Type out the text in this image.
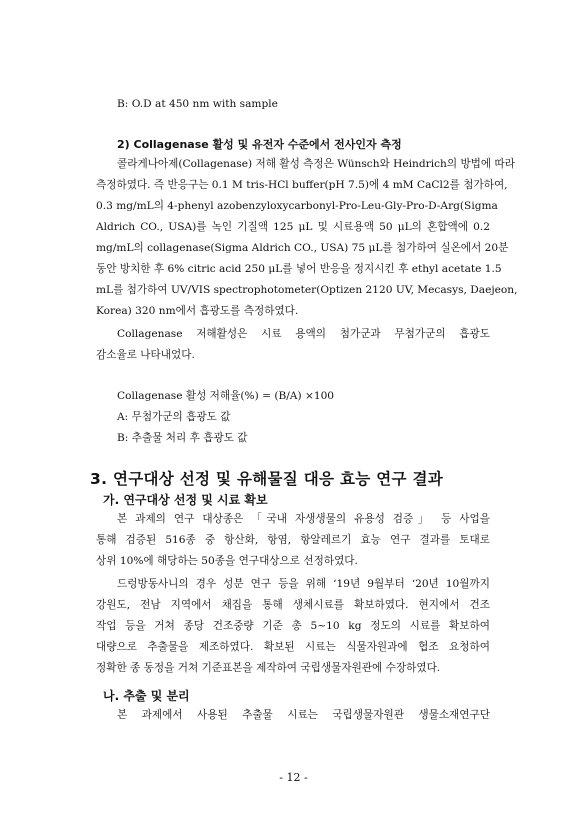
B: O.D at 450 nm with sample
2) Collagenase 활성 및 유전자 수준에서 전사인자 측정
콜라게나아제(Collagenase) 저해 활성 측정은 Wünsch와 Heindrich의 방법에 따라
측정하였다. 즉 반응구는 0.1 M tris-HCl buffer(pH 7.5)에 4 mM CaCl2를 첨가하여,
0.3 mg/mL의 4-phenyl azobenzyloxycarbonyl-Pro-Leu-Gly-Pro-D-Arg(Sigma
Aldrich CO., USA)를 녹인 기질액 125 μL 및 시료용액 50 μL의 혼합액에 0.2
mg/mL의 collagenase(Sigma Aldrich CO., USA) 75 μL를 첨가하여 실온에서 20분
동안 방치한 후 6% citric acid 250 μL를 넣어 반응을 정지시킨 후 ethyl acetate 1.5
mL를 첨가하여 UV/VIS spectrophotometer(Optizen 2120 UV, Mecasys, Daejeon,
Korea) 320 nm에서 흡광도를 측정하였다.
Collagenase 저해활성은 시료 용액의 첨가군과 무첨가군의 흡광도
감소율로 나타내었다.
Collagenase 활성 저해율(%) = (B/A) ×100
A: 무첨가군의 흡광도 값
B: 추출물 처리 후 흡광도 값
3. 연구대상 선정 및 유해물질 대응 효능 연구 결과
가. 연구대상 선정 및 시료 확보
본 과제의 연구 대상종은 「국내 자생생물의 유용성 검증」 등 사업을
통해 검증된 516종 중 항산화, 항염, 항알레르기 효능 연구 결과를 토대로
상위 10%에 해당하는 50종을 연구대상으로 선정하였다.
드렁방동사니의 경우 성분 연구 등을 위해 ‘19년 9월부터 ‘20년 10월까지
강원도, 전남 지역에서 채집을 통해 생체시료를 확보하였다. 현지에서 건조
작업 등을 거쳐 종당 건조중량 기준 총 5~10 kg 정도의 시료를 확보하여
대량으로 추출물을 제조하였다. 확보된 시료는 식물자원과에 협조 요청하여
정확한 종 동정을 거쳐 기준표본을 제작하여 국립생물자원관에 수장하였다.
나. 추출 및 분리
본 과제에서 사용된 추출물 시료는 국립생물자원관 생물소재연구단
- 12 -
